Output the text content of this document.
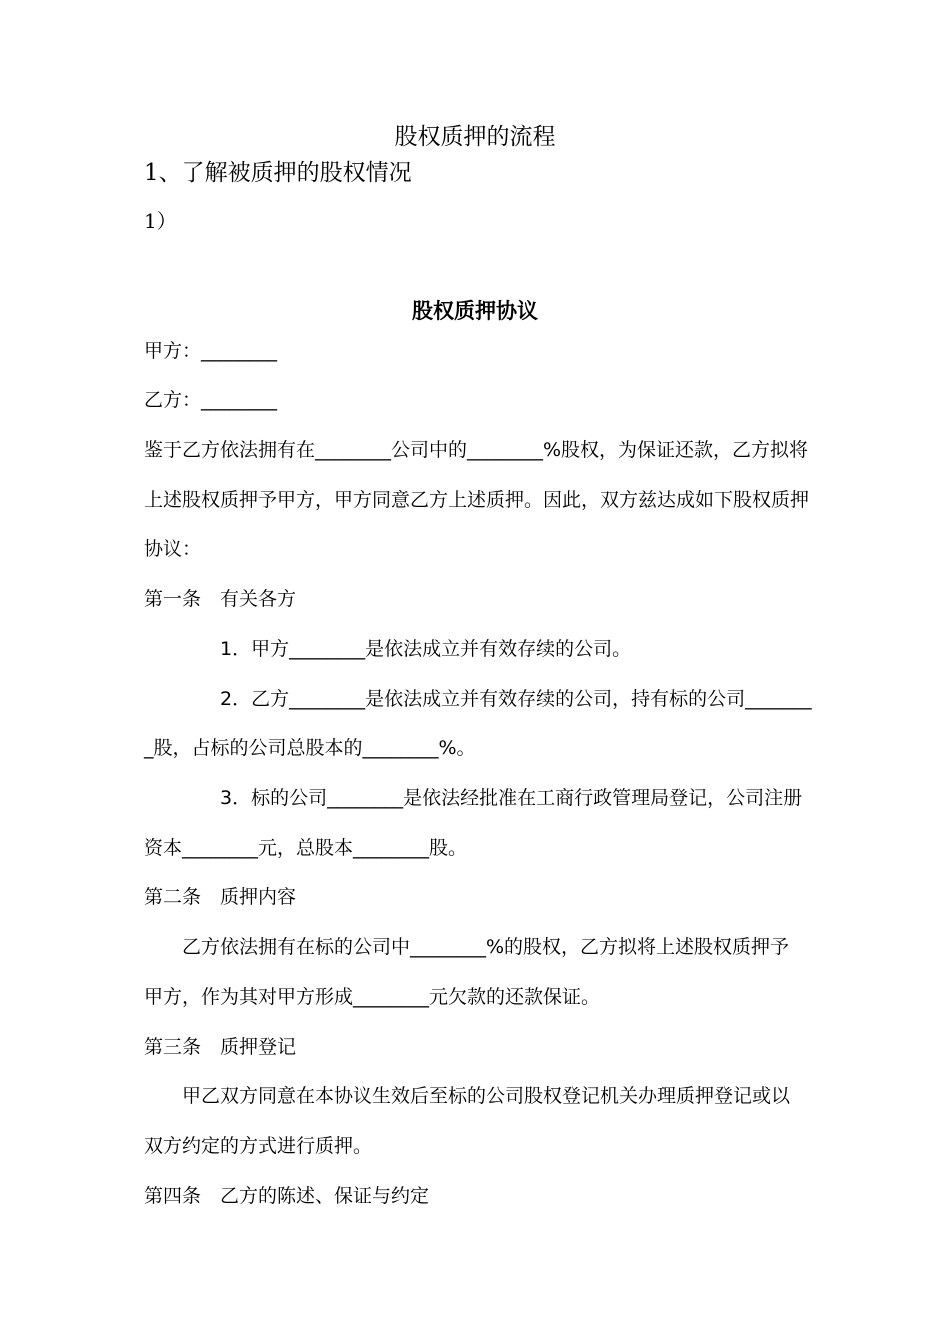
股权质押的流程
1、了解被质押的股权情况
1）
股权质押协议
甲方：________
乙方：________
鉴于乙方依法拥有在________公司中的________%股权，为保证还款，乙方拟将
上述股权质押予甲方，甲方同意乙方上述质押。因此，双方兹达成如下股权质押
协议：
第一条　有关各方
1．甲方________是依法成立并有效存续的公司。
2．乙方________是依法成立并有效存续的公司，持有标的公司_______
_股，占标的公司总股本的________%。
3．标的公司________是依法经批准在工商行政管理局登记，公司注册
资本________元，总股本________股。
第二条　质押内容
乙方依法拥有在标的公司中________%的股权，乙方拟将上述股权质押予
甲方，作为其对甲方形成________元欠款的还款保证。
第三条　质押登记
甲乙双方同意在本协议生效后至标的公司股权登记机关办理质押登记或以
双方约定的方式进行质押。
第四条　乙方的陈述、保证与约定
